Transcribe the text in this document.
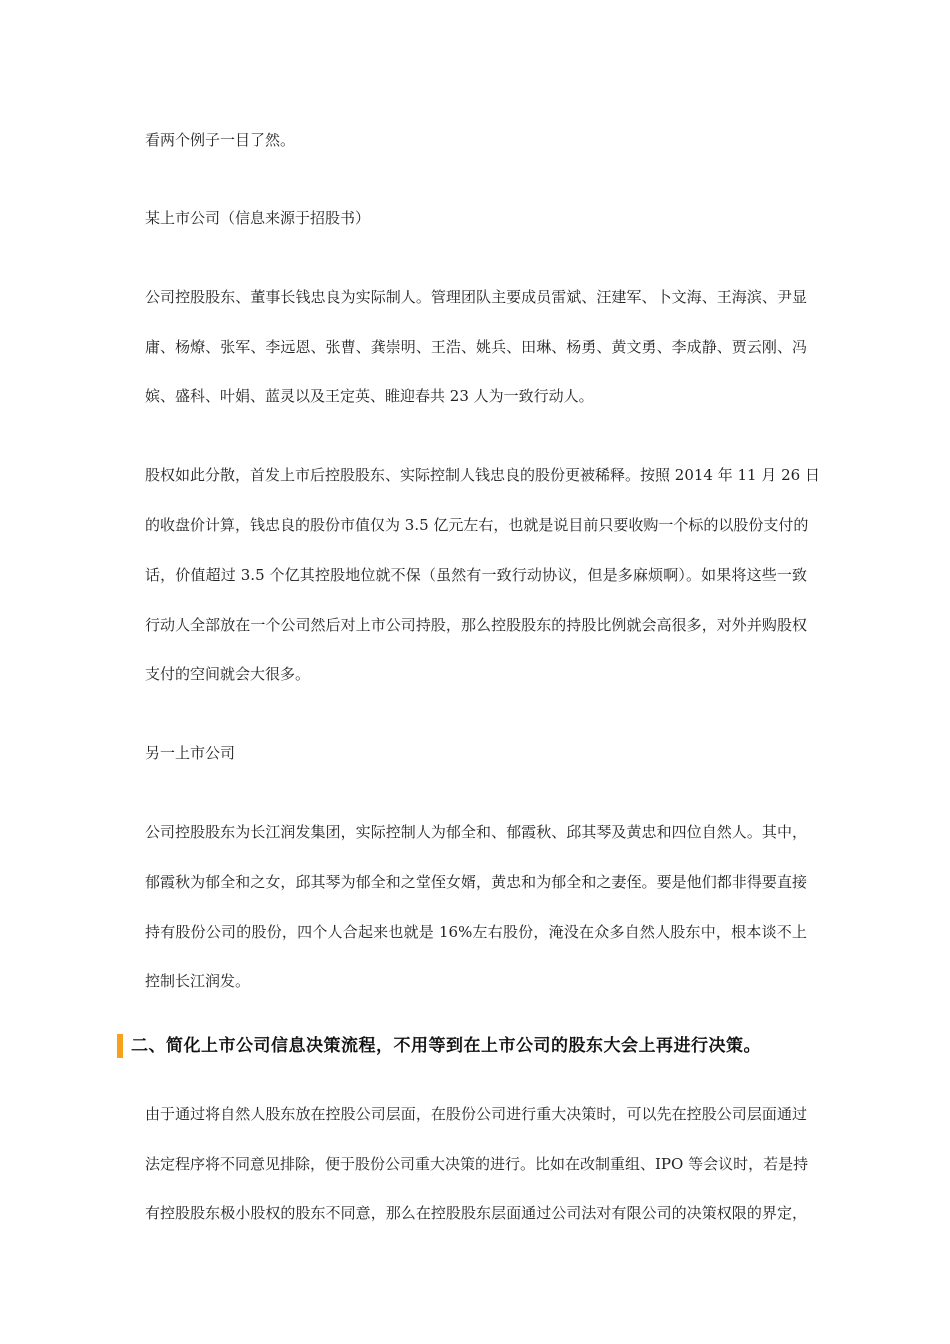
看两个例子一目了然。
某上市公司（信息来源于招股书）
公司控股股东、董事长钱忠良为实际制人。管理团队主要成员雷斌、汪建军、卜文海、王海滨、尹显
庸、杨燎、张军、李远恩、张曹、龚崇明、王浩、姚兵、田琳、杨勇、黄文勇、李成静、贾云刚、冯
嫔、盛科、叶娟、蓝灵以及王定英、睢迎春共 23 人为一致行动人。
股权如此分散，首发上市后控股股东、实际控制人钱忠良的股份更被稀释。按照 2014 年 11 月 26 日
的收盘价计算，钱忠良的股份市值仅为 3.5 亿元左右，也就是说目前只要收购一个标的以股份支付的
话，价值超过 3.5 个亿其控股地位就不保（虽然有一致行动协议，但是多麻烦啊）。如果将这些一致
行动人全部放在一个公司然后对上市公司持股，那么控股股东的持股比例就会高很多，对外并购股权
支付的空间就会大很多。
另一上市公司
公司控股股东为长江润发集团，实际控制人为郁全和、郁霞秋、邱其琴及黄忠和四位自然人。其中，
郁霞秋为郁全和之女，邱其琴为郁全和之堂侄女婿，黄忠和为郁全和之妻侄。要是他们都非得要直接
持有股份公司的股份，四个人合起来也就是 16%左右股份，淹没在众多自然人股东中，根本谈不上
控制长江润发。
二、简化上市公司信息决策流程，不用等到在上市公司的股东大会上再进行决策。
由于通过将自然人股东放在控股公司层面，在股份公司进行重大决策时，可以先在控股公司层面通过
法定程序将不同意见排除，便于股份公司重大决策的进行。比如在改制重组、IPO 等会议时，若是持
有控股股东极小股权的股东不同意，那么在控股股东层面通过公司法对有限公司的决策权限的界定，
